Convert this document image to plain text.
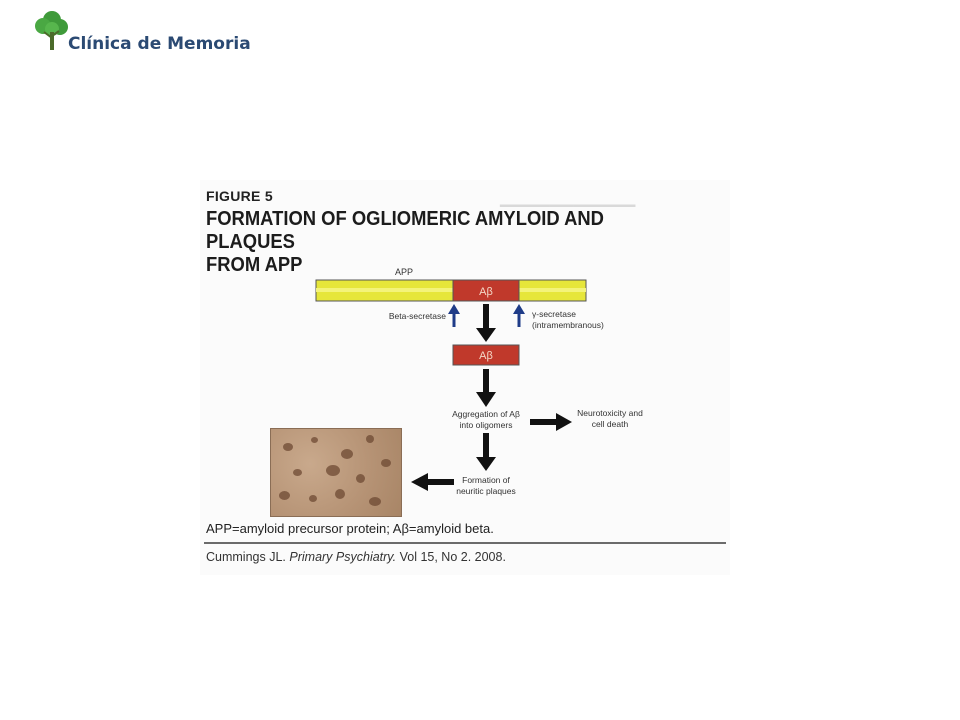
Clínica de Memoria
▁▁▁▁▁▁▁▁▁▁▁
FIGURE 5
FORMATION OF OGLIOMERIC AMYLOID AND PLAQUES
FROM APP	APP
Aβ
Beta-secretase	γ-secretase
(intramembranous)
Aβ
Aggregation of Aβ
into oligomers
Neurotoxicity and
cell death
Formation of
neuritic plaques
APP=amyloid precursor protein; Aβ=amyloid beta.
Cummings JL. Primary Psychiatry. Vol 15, No 2. 2008.
